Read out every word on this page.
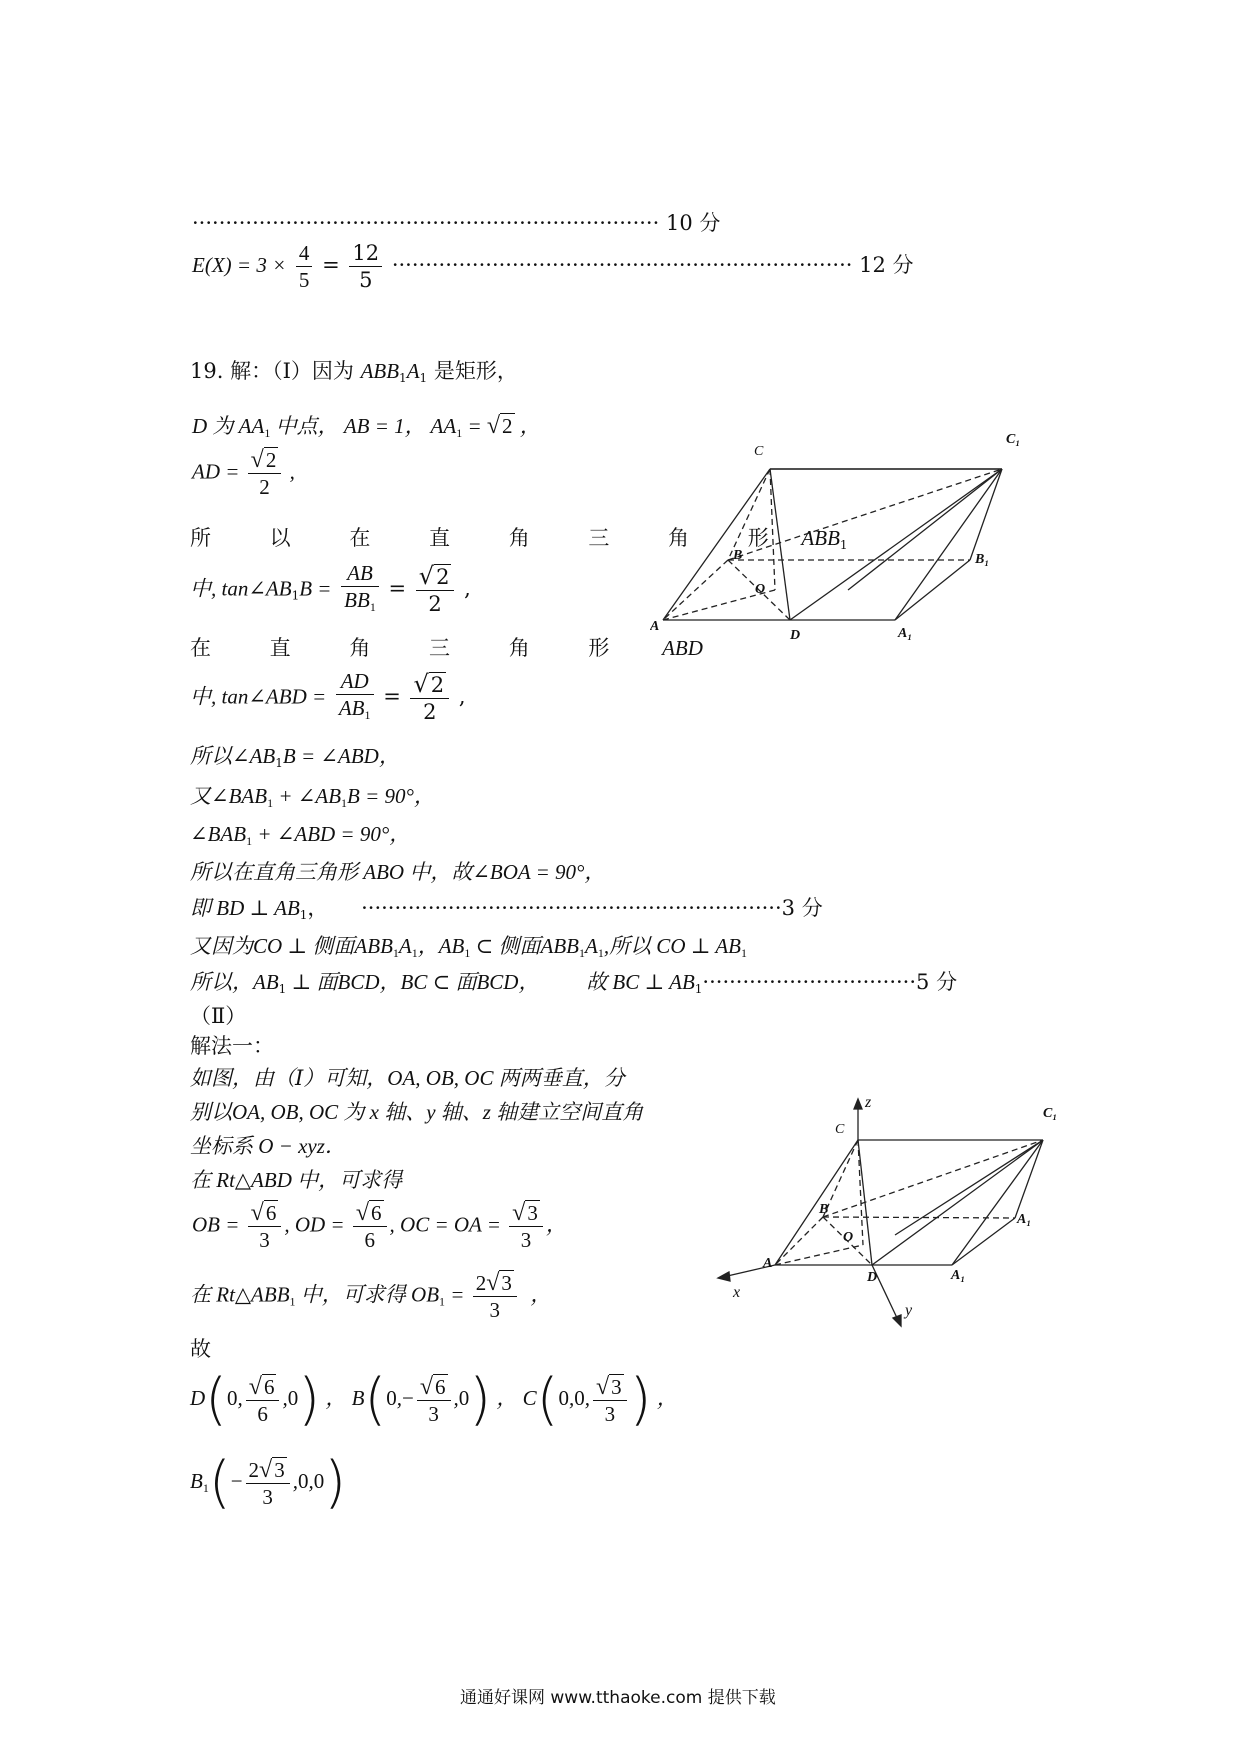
······································································ 10 分
$E(X) = 3 \times \frac{4}{5} = \frac{12}{5}$ ····································································· 12 分
19. 解：（Ⅰ）因为 $ABB_1A_1$ 是矩形，
D 为 $AA_1$ 中点， AB = 1， $AA_1 = √2$ ，
AD = $\frac{√2}{2}$ ,
所 以 在 直 角 三 角 形 $ABB_1$
中, $\tan\angle AB_1B = \frac{AB}{BB_1} = \frac{√2}{2}$ ,
在 直 角 三 角 形 ABD
中, tan∠ABD = $\frac{AD}{AB_1} = \frac{√2}{2}$ ,
所以$\angle AB_1B$ = ∠ABD，
又$\angle BAB_1$ + $\angle AB_1B = 90^\circ$，
$\angle BAB_1$ + ∠ABD = 90°，
所以在直角三角形 ABO 中，故∠BOA = 90°，
即 BD ⊥ $AB_1$， ·······························································3 分
又因为CO ⊥ 侧面$ABB_1A_1$，$AB_1$ ⊂ 侧面$ABB_1A_1$,所以 CO ⊥ $AB_1$
所以，$AB_1$ ⊥ 面BCD，BC ⊂ 面BCD， 故 BC ⊥ $AB_1\cdot\cdot\cdot\cdot\cdot\cdot\cdot\cdot\cdot\cdot\cdot\cdot\cdot\cdot\cdot\cdot\cdot\cdot\cdot\cdot\cdot\cdot\cdot\cdot\cdot\cdot\cdot\cdot\cdot\cdot\cdot\cdot 5$ 分
（Ⅱ）
解法一：
如图，由（Ⅰ）可知，OA, OB, OC 两两垂直，分
别以OA, OB, OC 为 x 轴、y 轴、z 轴建立空间直角
坐标系 O − xyz．
在 Rt△ABD 中，可求得
OB = $\frac{√6}{3}$ , OD = $\frac{√6}{6}$ , OC = OA = $\frac{√3}{3}$ ，
在 $Rt\triangle ABB_1$ 中，可求得 $OB_1 = \frac{2√3}{3}$ ，
故
D(0, $\frac{√6}{6} ,0$) ， $B(0,- \frac{√6}{3} ,0)$ ， C(0,0, $\frac{√3}{3}$ ) ，
$B_1(- \frac{2√3}{3} ,0,0)$
C
C₁
B	B₁
O
A
D	A₁
z
C
C₁
B
A₁
O
x
A
D	A₁
y
通通好课网 www.tthaoke.com 提供下载
